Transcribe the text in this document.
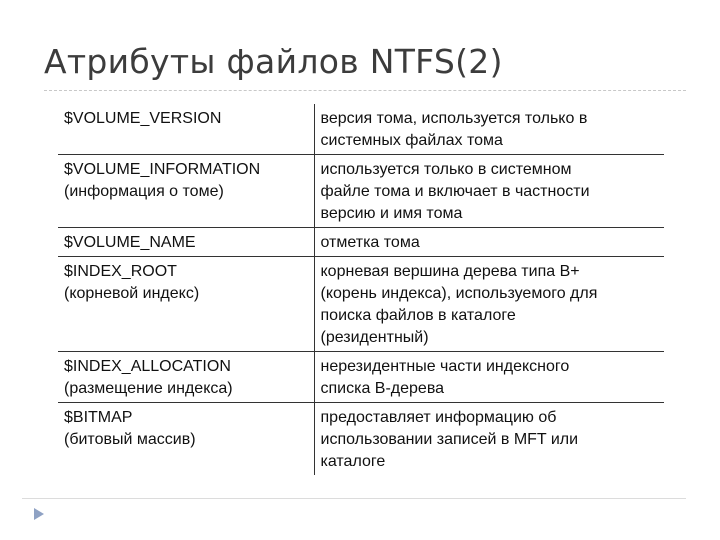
Атрибуты файлов NTFS(2)
$VOLUME_VERSION	версия тома, используется только в
системных файлах тома

$VOLUME_INFORMATION
(информация о томе)	используется только в системном
файле тома и включает в частности
версию и имя тома

$VOLUME_NAME	отметка тома

$INDEX_ROOT
(корневой индекс)	корневая вершина дерева типа B+
(корень индекса), используемого для
поиска файлов в каталоге
(резидентный)

$INDEX_ALLOCATION
(размещение индекса)	нерезидентные части индексного
списка B-дерева

$BITMAP
(битовый массив)	предоставляет информацию об
использовании записей в MFT или
каталоге
